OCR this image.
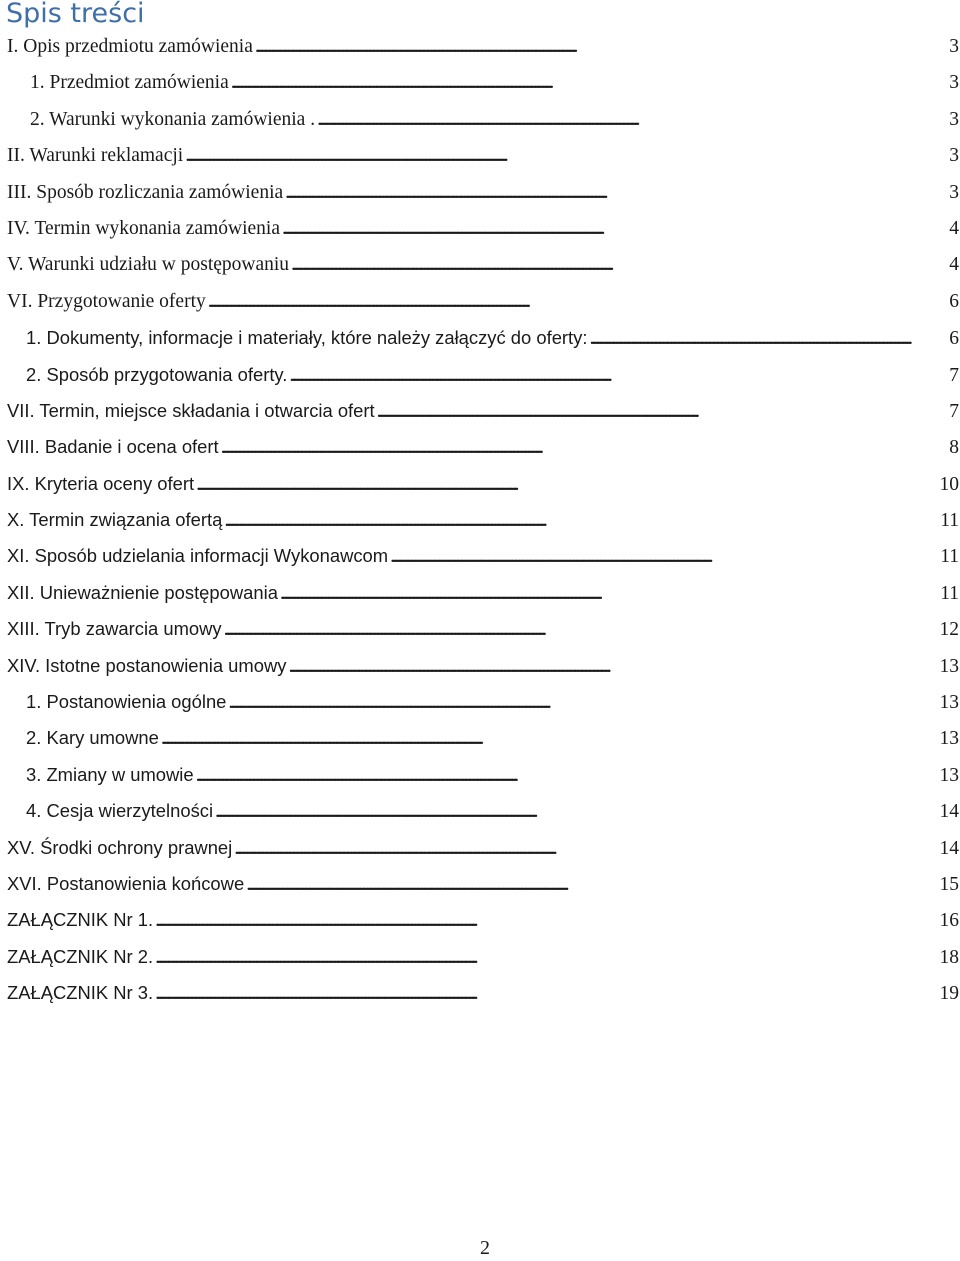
Spis treści
I. Opis przedmiotu zamówienia . . .	3
1. Przedmiot zamówienia . . .	3
2. Warunki wykonania zamówienia . . . .	3
II. Warunki reklamacji . . .	3
III. Sposób rozliczania zamówienia . . .	3
IV. Termin wykonania zamówienia . . .	4
V. Warunki udziału w postępowaniu . . .	4
VI. Przygotowanie oferty . . .	6
1. Dokumenty, informacje i materiały, które należy załączyć do oferty: . . .	6
2. Sposób przygotowania oferty. . . .	7
VII. Termin, miejsce składania i otwarcia ofert . . .	7
VIII. Badanie i ocena ofert . . .	8
IX. Kryteria oceny ofert . . .	10
X. Termin związania ofertą . . .	11
XI. Sposób udzielania informacji Wykonawcom . . .	11
XII. Unieważnienie postępowania . . .	11
XIII. Tryb zawarcia umowy . . .	12
XIV. Istotne postanowienia umowy . . .	13
1. Postanowienia ogólne . . .	13
2. Kary umowne . . .	13
3. Zmiany w umowie . . .	13
4. Cesja wierzytelności . . .	14
XV. Środki ochrony prawnej . . .	14
XVI. Postanowienia końcowe . . .	15
ZAŁĄCZNIK Nr 1. . . .	16
ZAŁĄCZNIK Nr 2. . . .	18
ZAŁĄCZNIK Nr 3. . . .	19
2
